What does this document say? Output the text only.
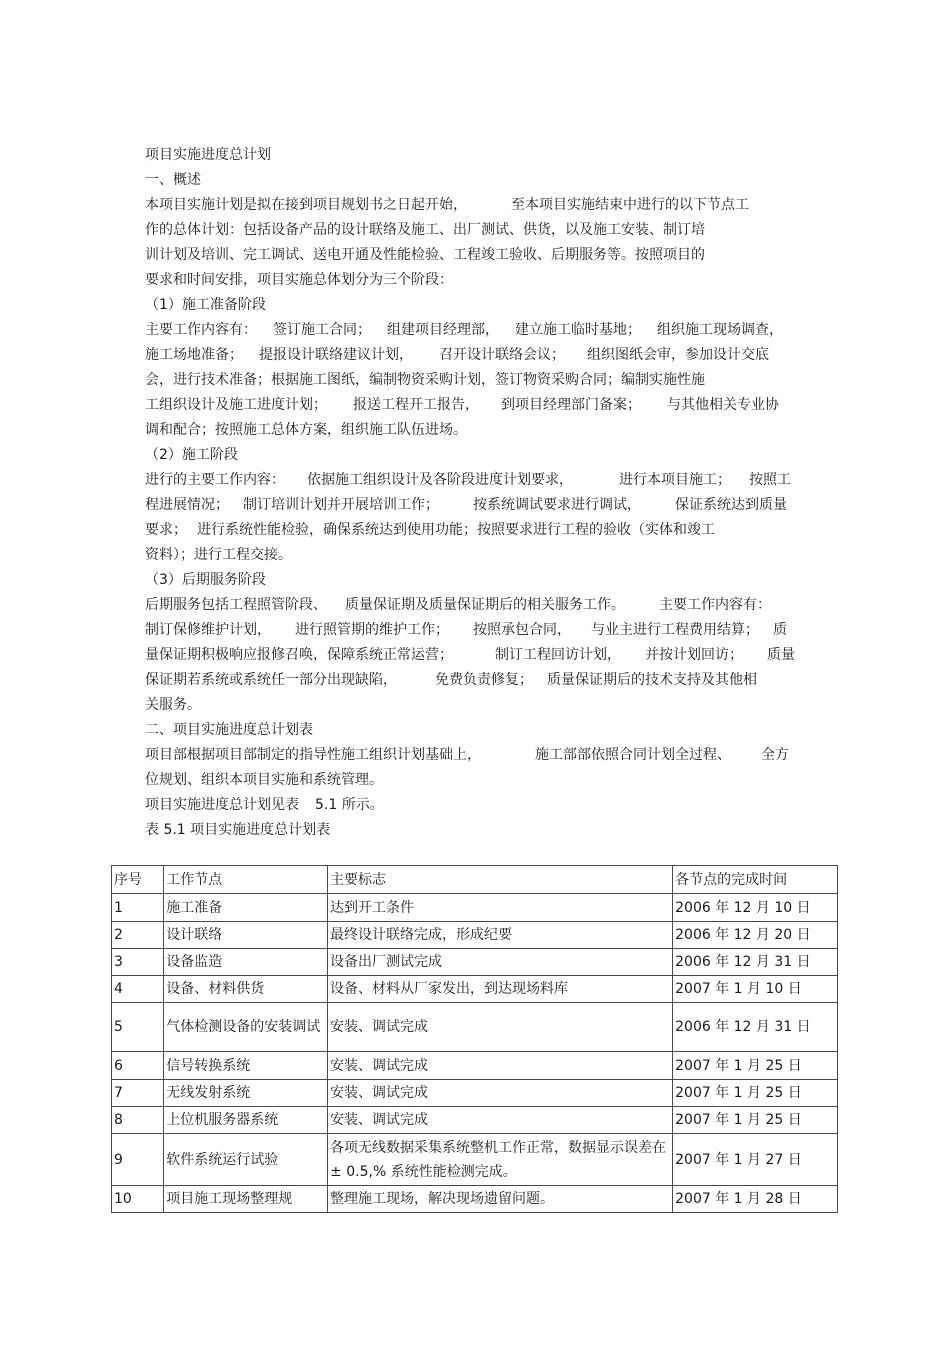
项目实施进度总计划
一、概述
本项目实施计划是拟在接到项目规划书之日起开始，	至本项目实施结束中进行的以下节点工
作的总体计划：包括设备产品的设计联络及施工、出厂测试、供货，以及施工安装、制订培
训计划及培训、完工调试、送电开通及性能检验、工程竣工验收、后期服务等。按照项目的
要求和时间安排，项目实施总体划分为三个阶段：
（1）施工准备阶段
主要工作内容有： 签订施工合同； 组建项目经理部， 建立施工临时基地； 组织施工现场调查，
施工场地准备； 提报设计联络建议计划， 召开设计联络会议； 组织图纸会审，参加设计交底
会，进行技术准备；根据施工图纸，编制物资采购计划，签订物资采购合同；编制实施性施
工组织设计及施工进度计划； 报送工程开工报告， 到项目经理部门备案； 与其他相关专业协
调和配合；按照施工总体方案，组织施工队伍进场。
（2）施工阶段
进行的主要工作内容： 依据施工组织设计及各阶段进度计划要求，	进行本项目施工； 按照工
程进展情况； 制订培训计划并开展培训工作； 按系统调试要求进行调试， 保证系统达到质量
要求； 进行系统性能检验，确保系统达到使用功能；按照要求进行工程的验收（实体和竣工
资料）；进行工程交接。
（3）后期服务阶段
后期服务包括工程照管阶段、 质量保证期及质量保证期后的相关服务工作。 主要工作内容有：
制订保修维护计划， 进行照管期的维护工作； 按照承包合同， 与业主进行工程费用结算； 质
量保证期积极响应报修召唤，保障系统正常运营；	制订工程回访计划， 并按计划回访； 质量
保证期若系统或系统任一部分出现缺陷，	免费负责修复； 质量保证期后的技术支持及其他相
关服务。
二、项目实施进度总计划表
项目部根据项目部制定的指导性施工组织计划基础上，	施工部部依照合同计划全过程、 全方
位规划、组织本项目实施和系统管理。
项目实施进度总计划见表 5.1 所示。
表 5.1 项目实施进度总计划表
序号	工作节点	主要标志	各节点的完成时间
1	施工准备	达到开工条件	2006 年 12 月 10 日
2	设计联络	最终设计联络完成，形成纪要	2006 年 12 月 20 日
3	设备监造	设备出厂测试完成	2006 年 12 月 31 日
4	设备、材料供货	设备、材料从厂家发出，到达现场料库	2007 年 1 月 10 日
5	气体检测设备的安装调试	安装、调试完成	2006 年 12 月 31 日
6	信号转换系统	安装、调试完成	2007 年 1 月 25 日
7	无线发射系统	安装、调试完成	2007 年 1 月 25 日
8	上位机服务器系统	安装、调试完成	2007 年 1 月 25 日
9	软件系统运行试验	各项无线数据采集系统整机工作正常，数据显示误差在± 0.5,% 系统性能检测完成。	2007 年 1 月 27 日
10	项目施工现场整理规	整理施工现场，解决现场遗留问题。	2007 年 1 月 28 日
